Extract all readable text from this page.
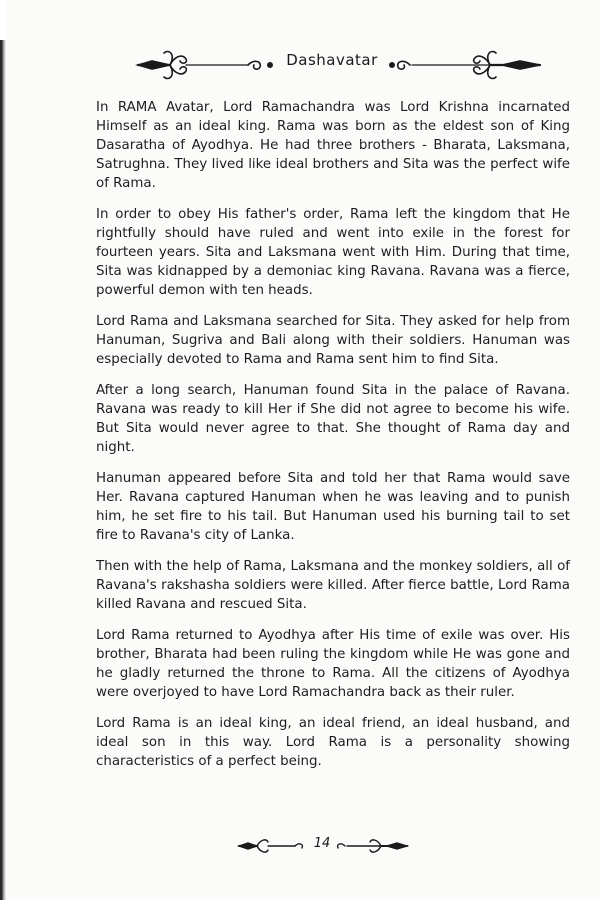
Dashavatar

In RAMA Avatar, Lord Ramachandra was Lord Krishna incarnated Himself as an ideal king. Rama was born as the eldest son of King Dasaratha of Ayodhya. He had three brothers - Bharata, Laksmana, Satrughna. They lived like ideal brothers and Sita was the perfect wife of Rama.

In order to obey His father's order, Rama left the kingdom that He rightfully should have ruled and went into exile in the forest for fourteen years. Sita and Laksmana went with Him. During that time, Sita was kidnapped by a demoniac king Ravana. Ravana was a fierce, powerful demon with ten heads.

Lord Rama and Laksmana searched for Sita. They asked for help from Hanuman, Sugriva and Bali along with their soldiers. Hanuman was especially devoted to Rama and Rama sent him to find Sita.

After a long search, Hanuman found Sita in the palace of Ravana. Ravana was ready to kill Her if She did not agree to become his wife. But Sita would never agree to that. She thought of Rama day and night.

Hanuman appeared before Sita and told her that Rama would save Her. Ravana captured Hanuman when he was leaving and to punish him, he set fire to his tail. But Hanuman used his burning tail to set fire to Ravana's city of Lanka.

Then with the help of Rama, Laksmana and the monkey soldiers, all of Ravana's rakshasha soldiers were killed. After fierce battle, Lord Rama killed Ravana and rescued Sita.

Lord Rama returned to Ayodhya after His time of exile was over. His brother, Bharata had been ruling the kingdom while He was gone and he gladly returned the throne to Rama. All the citizens of Ayodhya were overjoyed to have Lord Ramachandra back as their ruler.

Lord Rama is an ideal king, an ideal friend, an ideal husband, and ideal son in this way. Lord Rama is a personality showing characteristics of a perfect being.

14
